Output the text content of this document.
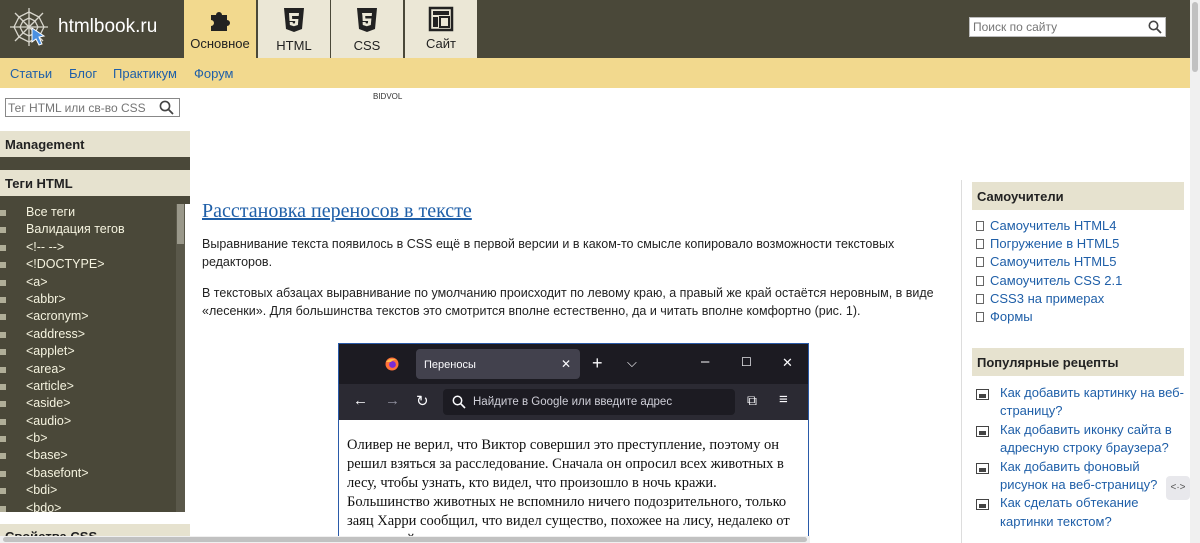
htmlbook.ru
Основное	HTML	CSS	Сайт
Поиск по сайту
Статьи Блог Практикум Форум
Тег HTML или св-во CSS
Management
Теги HTML
Все теги
Валидация тегов
<!-- -->
<!DOCTYPE>
<a>
<abbr>
<acronym>
<address>
<applet>
<area>
<article>
<aside>
<audio>
<b>
<base>
<basefont>
<bdi>
<bdo>
BIDVOL
Расстановка переносов в тексте

Выравнивание текста появилось в CSS ещё в первой версии и в каком-то смысле копировало возможности текстовых редакторов.

В текстовых абзацах выравнивание по умолчанию происходит по левому краю, а правый же край остаётся неровным, в виде «лесенки». Для большинства текстов это смотрится вполне естественно, да и читать вполне комфортно (рис. 1).

Переносы	✕ + ⌵	–	☐ ✕
← → ↻	Найдите в Google или введите адрес	⧉ ≡
Оливер не верил, что Виктор совершил это преступление, поэтому он решил взяться за расследование. Сначала он опросил всех животных в лесу, чтобы узнать, кто видел, что произошло в ночь кражи. Большинство животных не вспомнило ничего подозрительного, только заяц Харри сообщил, что видел существо, похожее на лису, недалеко от
Самоучители
Самоучитель HTML4
Погружение в HTML5
Самоучитель HTML5
Самоучитель CSS 2.1
CSS3 на примерах
Формы
Популярные рецепты
Как добавить картинку на веб-страницу?
Как добавить иконку сайта в адресную строку браузера?
Как добавить фоновый рисунок на веб-страницу?
Как сделать обтекание картинки текстом?
<·>
